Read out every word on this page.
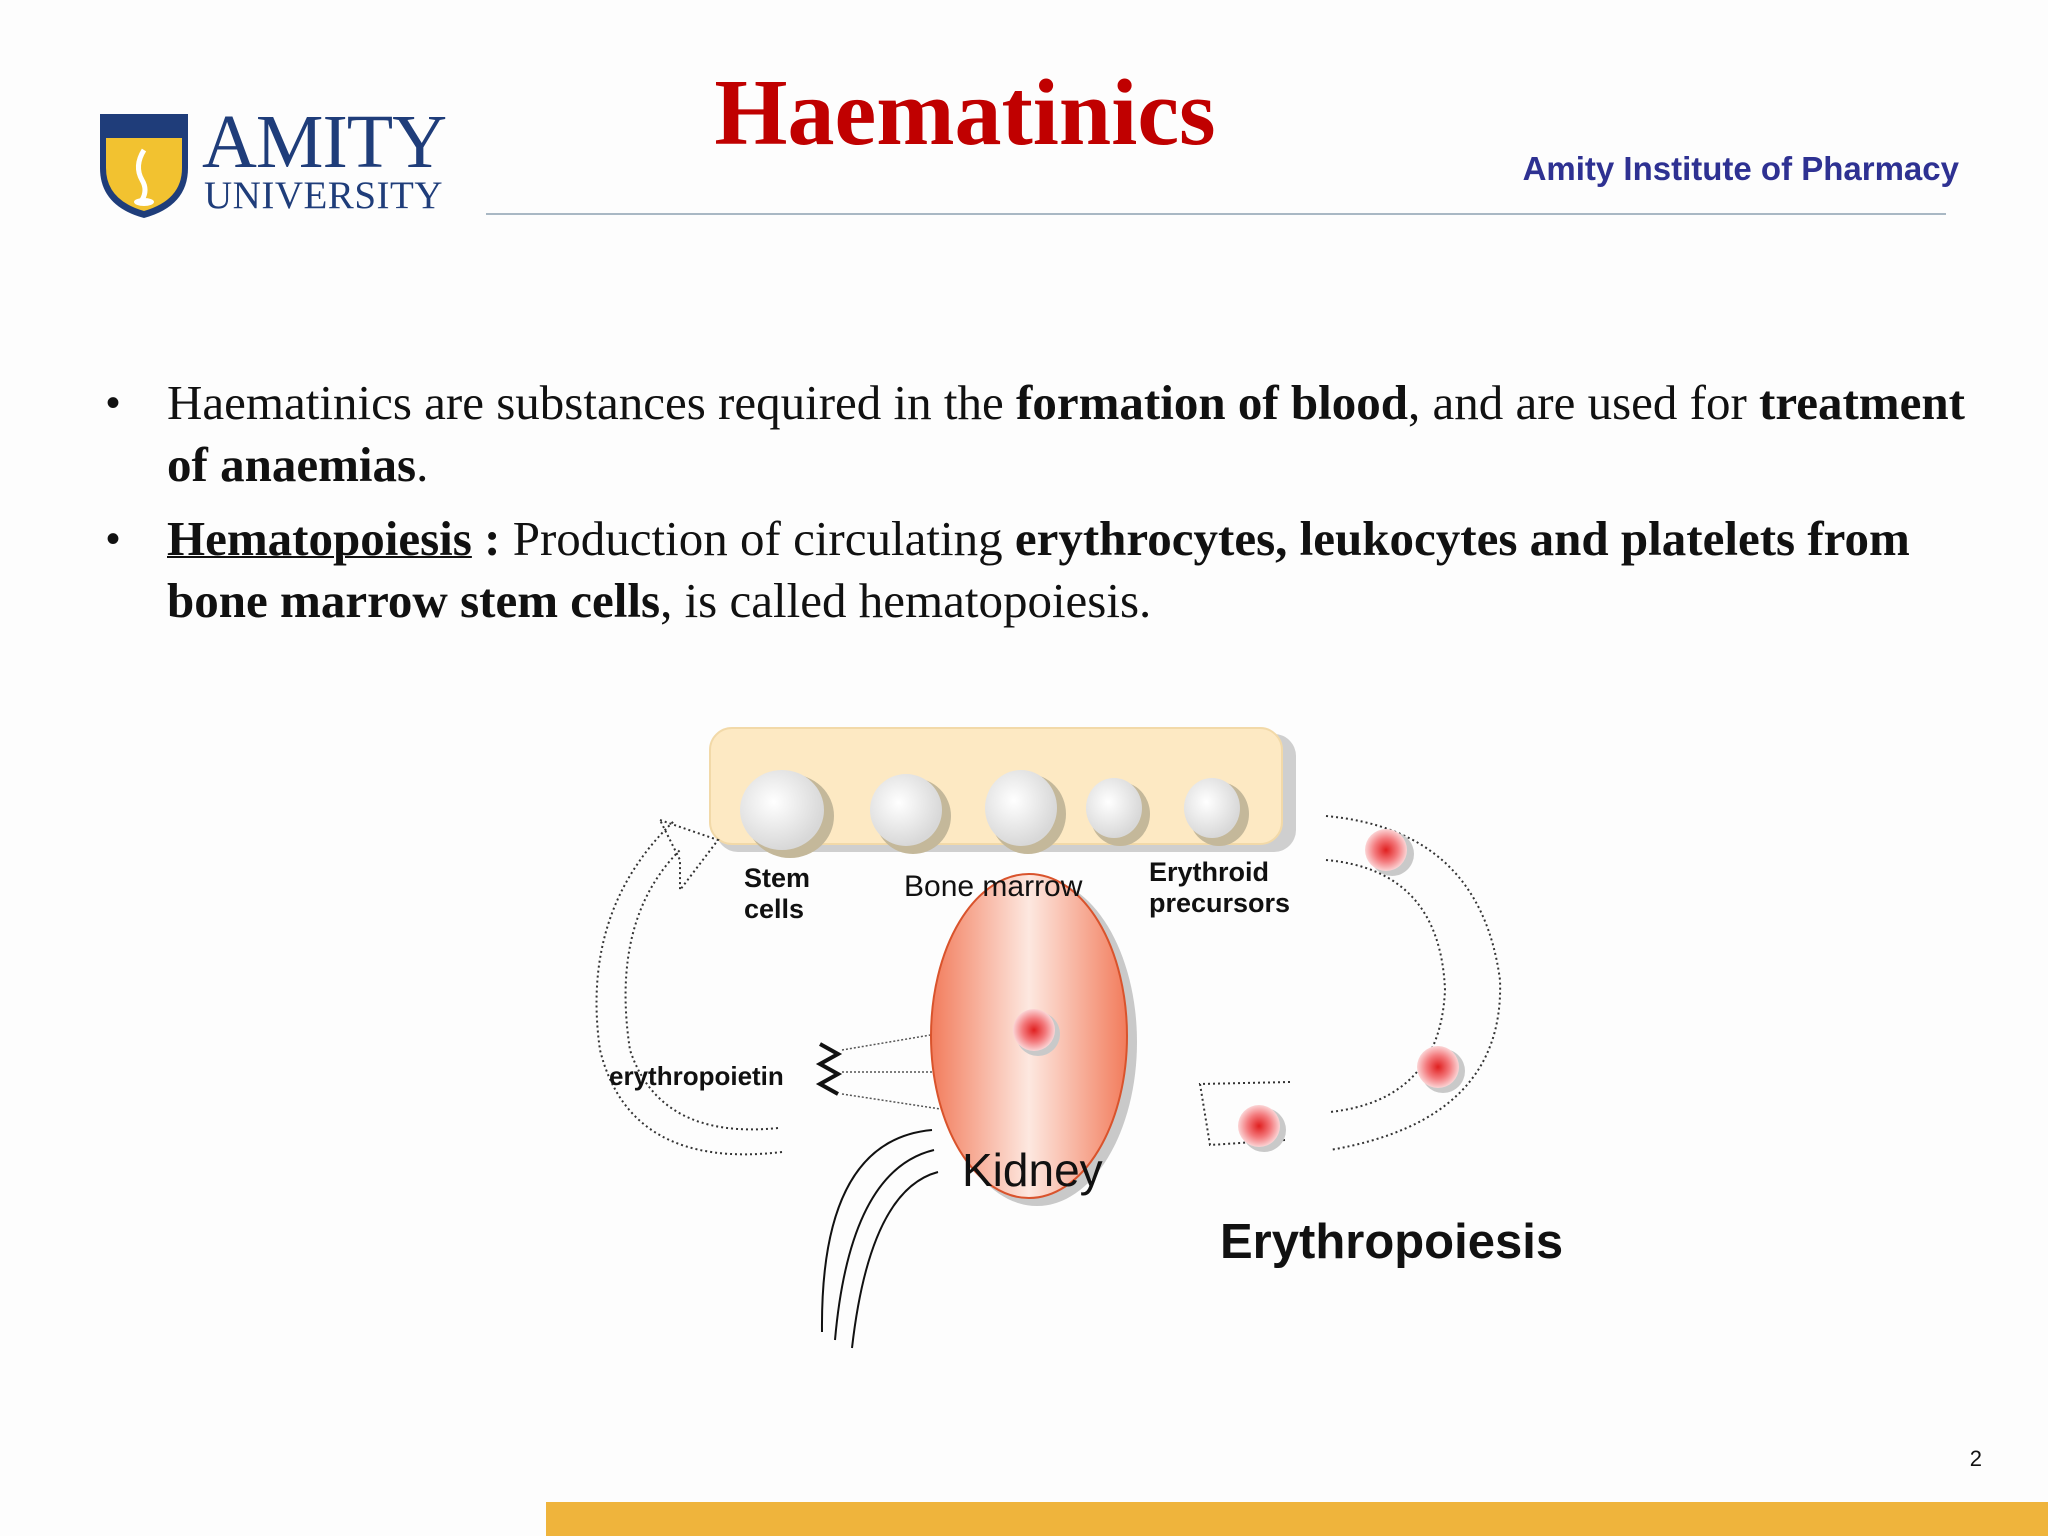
AMITY
UNIVERSITY
Haematinics
Amity Institute of Pharmacy
• Haematinics are substances required in the formation of blood, and are used for treatment of anaemias.
• Hematopoiesis : Production of circulating erythrocytes, leukocytes and platelets from bone marrow stem cells, is called hematopoiesis.
Stem
cells
Bone marrow Erythroid
precursors
erythropoietin
Kidney
Erythropoiesis
2
